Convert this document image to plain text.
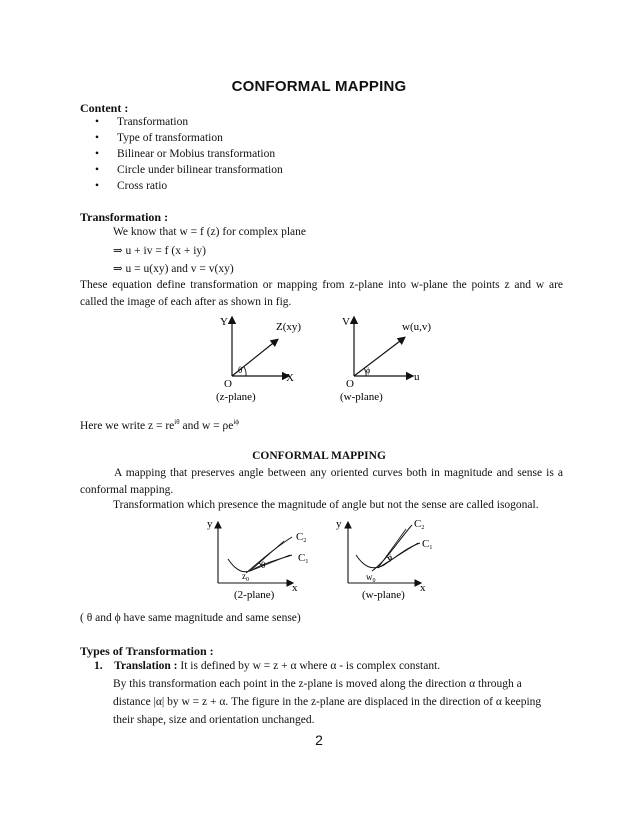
CONFORMAL MAPPING
Content :
• Transformation
• Type of transformation
• Bilinear or Mobius transformation
• Circle under bilinear transformation
• Cross ratio
Transformation :
We know that w = f (z) for complex plane
⇒ u + iv = f (x + iy)
⇒ u = u(xy) and v = v(xy)
These equation define transformation or mapping from z-plane into w-plane the points z and w are called the image of each after as shown in fig.
Y
X
O
Z(xy)
θ
(z-plane)
V
u
O
w(u,v)
ϕ
(w-plane)
Here we write $z = re^{i\theta}$ and $w = \rho e^{i\phi}$
CONFORMAL MAPPING
A mapping that preserves angle between any oriented curves both in magnitude and sense is a conformal mapping.
Transformation which presence the magnitude of angle but not the sense are called isogonal.
y
x
C2
C1
θ
$z_0$
(2-plane)
y
x
C2
C1
ϕ
$w_0$
(w-plane)
( θ and ϕ have same magnitude and same sense)
Types of Transformation :
1. Translation : It is defined by w = z + α where α - is complex constant.
By this transformation each point in the z-plane is moved along the direction α through a
distance |α| by w = z + α. The figure in the z-plane are displaced in the direction of α keeping
their shape, size and orientation unchanged.
2
